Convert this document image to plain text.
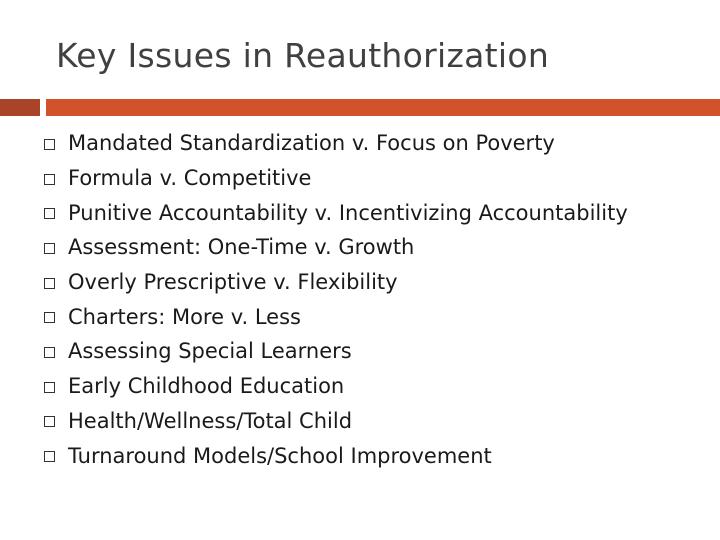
Key Issues in Reauthorization
Mandated Standardization v. Focus on Poverty
Formula v. Competitive
Punitive Accountability v. Incentivizing Accountability
Assessment: One-Time v. Growth
Overly Prescriptive v. Flexibility
Charters: More v. Less
Assessing Special Learners
Early Childhood Education
Health/Wellness/Total Child
Turnaround Models/School Improvement
